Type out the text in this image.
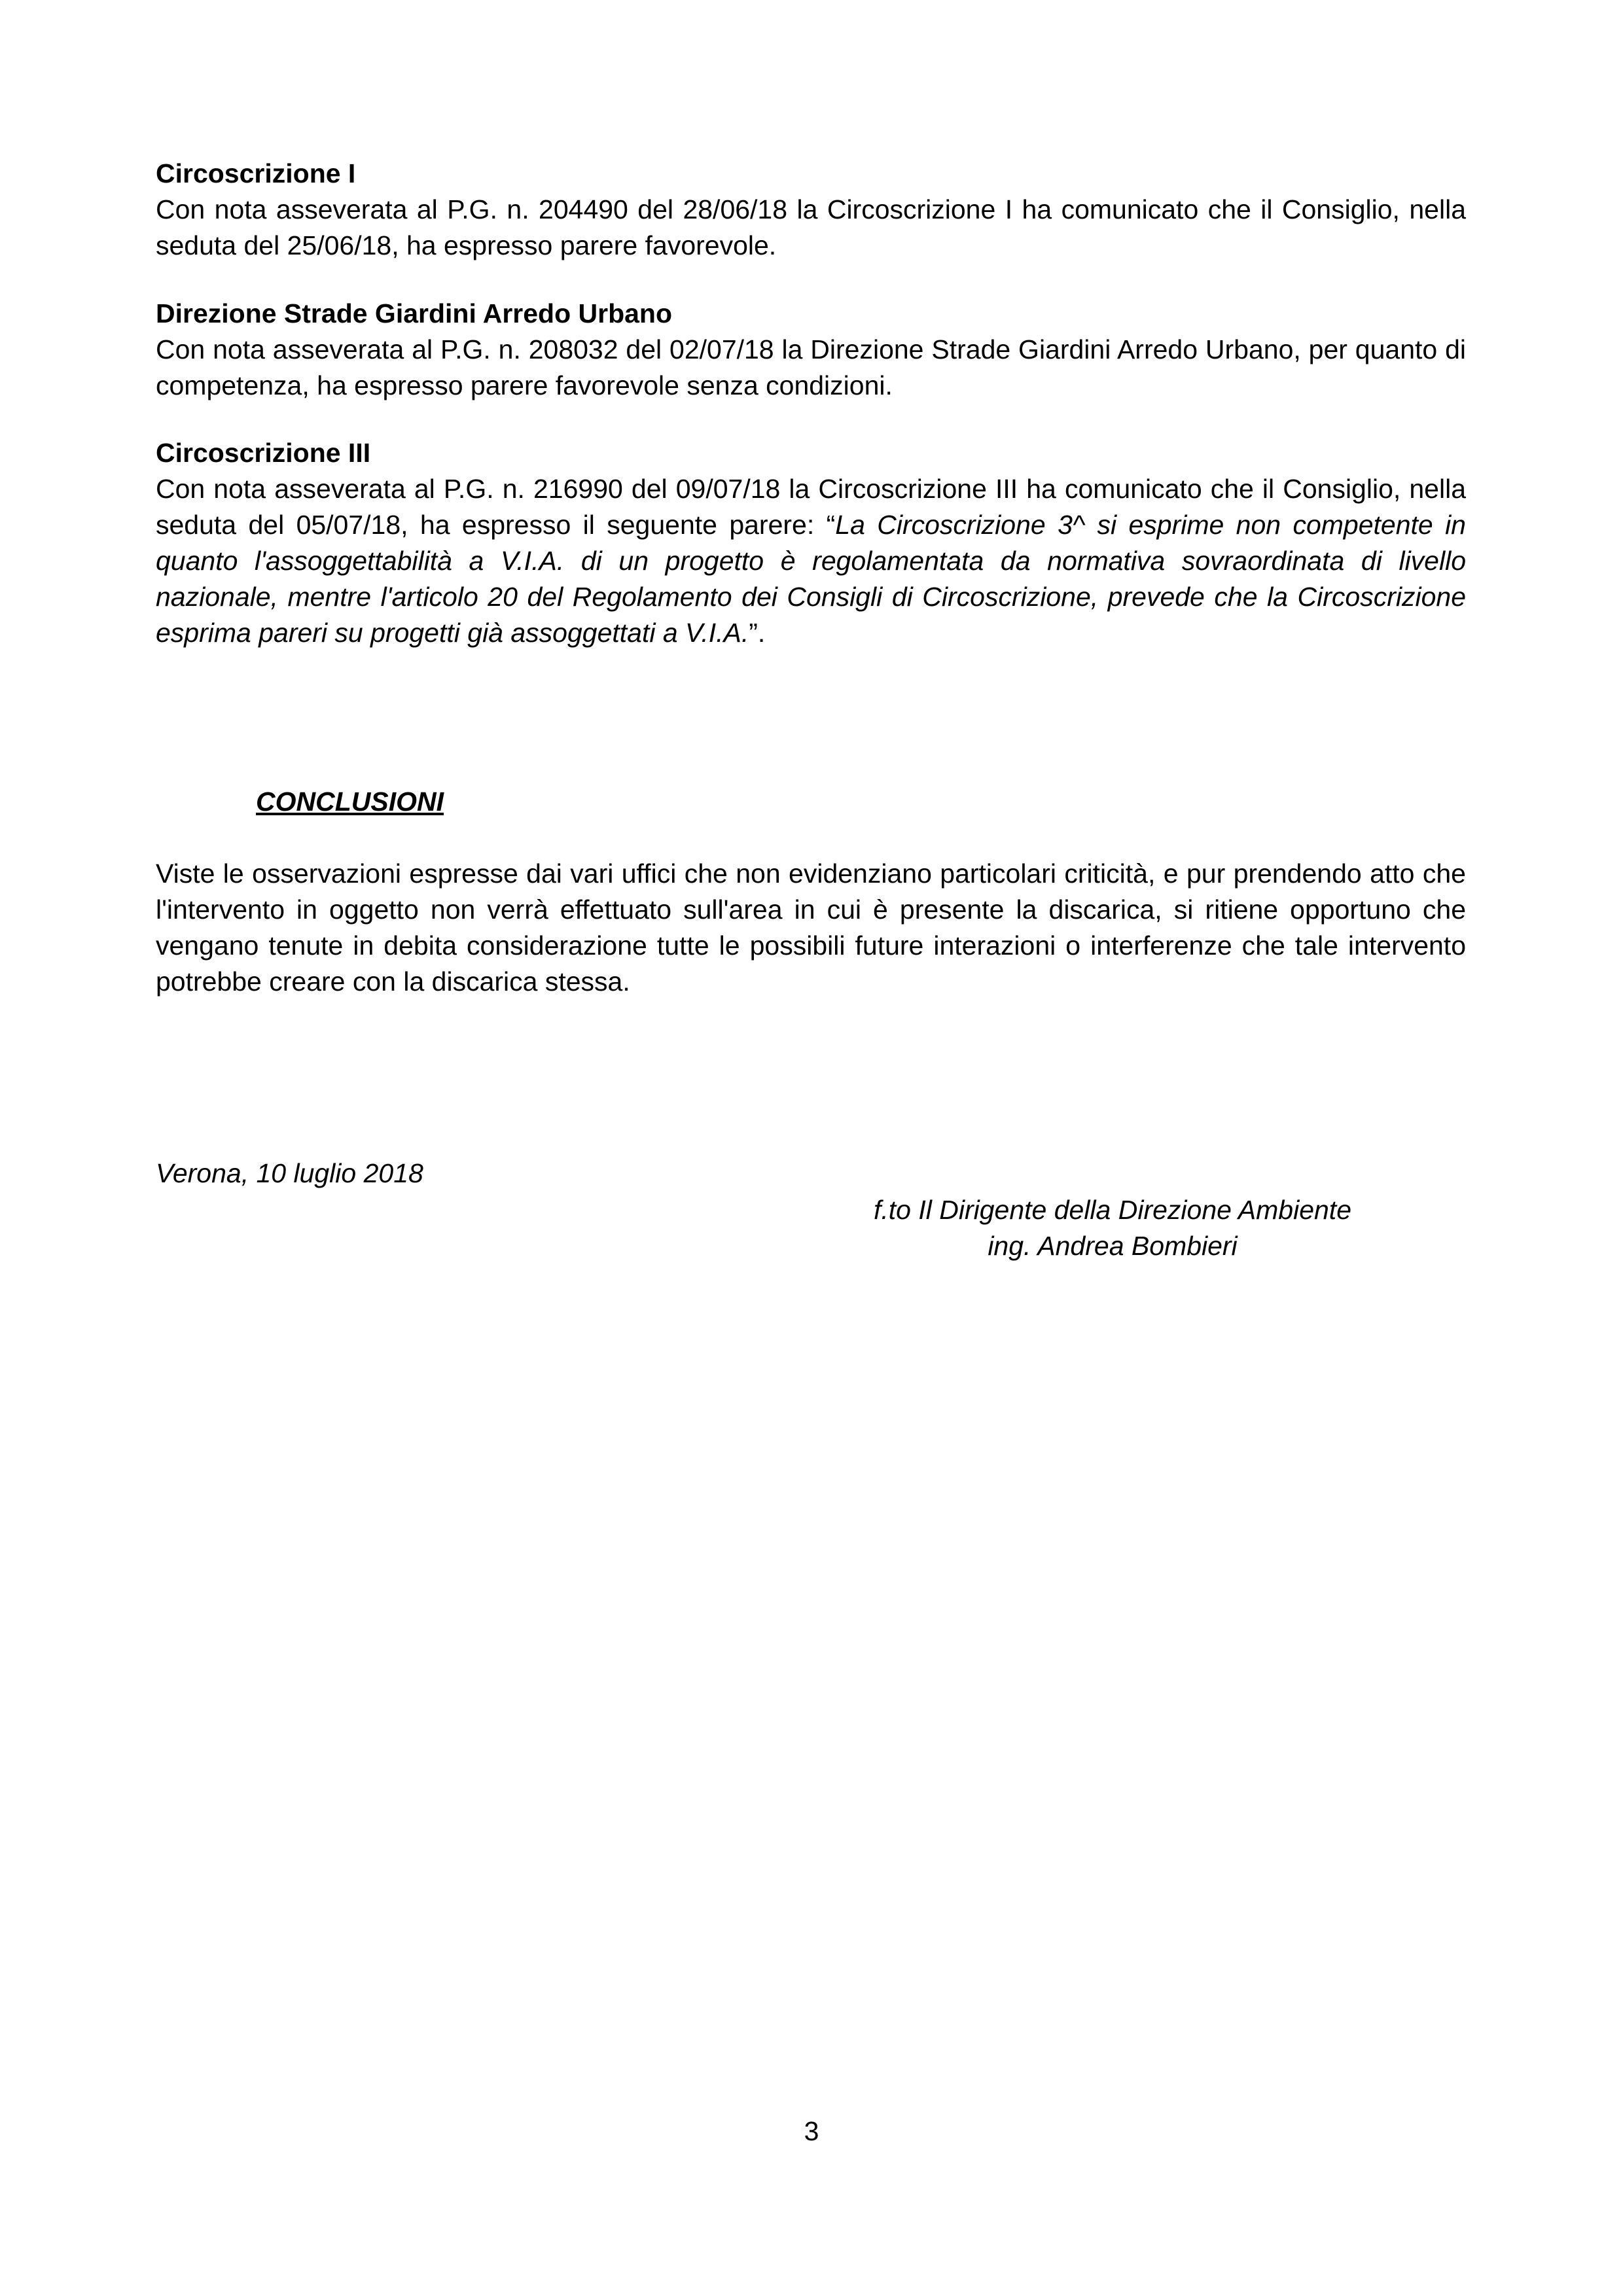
Circoscrizione I

Con nota asseverata al P.G. n. 204490 del 28/06/18 la Circoscrizione I ha comunicato che il Consiglio, nella seduta del 25/06/18, ha espresso parere favorevole.

Direzione Strade Giardini Arredo Urbano

Con nota asseverata al P.G. n. 208032 del 02/07/18 la Direzione Strade Giardini Arredo Urbano, per quanto di competenza, ha espresso parere favorevole senza condizioni.

Circoscrizione III

Con nota asseverata al P.G. n. 216990 del 09/07/18 la Circoscrizione III ha comunicato che il Consiglio, nella seduta del 05/07/18, ha espresso il seguente parere: “La Circoscrizione 3^ si esprime non competente in quanto l'assoggettabilità a V.I.A. di un progetto è regolamentata da normativa sovraordinata di livello nazionale, mentre l'articolo 20 del Regolamento dei Consigli di Circoscrizione, prevede che la Circoscrizione esprima pareri su progetti già assoggettati a V.I.A.”.

CONCLUSIONI

Viste le osservazioni espresse dai vari uffici che non evidenziano particolari criticità, e pur prendendo atto che l'intervento in oggetto non verrà effettuato sull'area in cui è presente la discarica, si ritiene opportuno che vengano tenute in debita considerazione tutte le possibili future interazioni o interferenze che tale intervento potrebbe creare con la discarica stessa.

Verona, 10 luglio 2018

f.to Il Dirigente della Direzione Ambiente
ing. Andrea Bombieri

3
